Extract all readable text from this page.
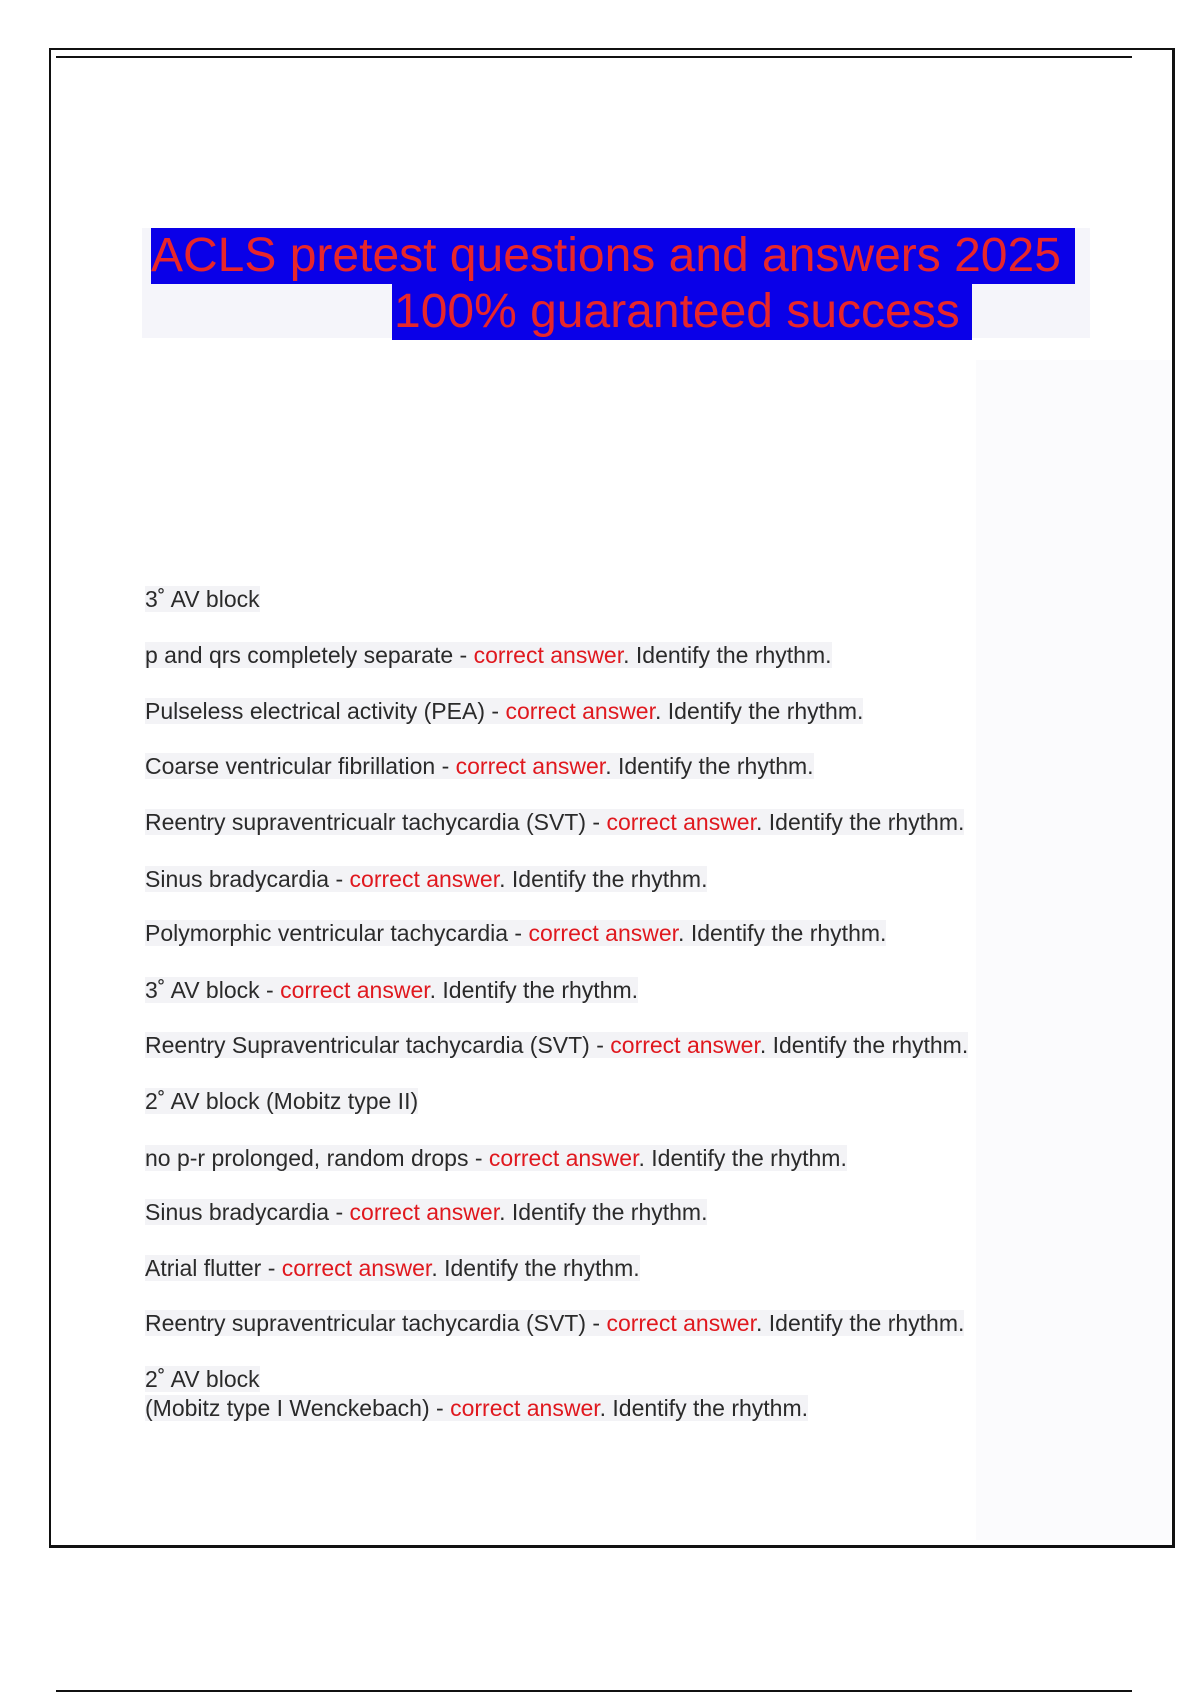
ACLS pretest questions and answers 2025
100% guaranteed success
3˚ AV block
p and qrs completely separate - correct answer. Identify the rhythm.
Pulseless electrical activity (PEA) - correct answer. Identify the rhythm.
Coarse ventricular fibrillation - correct answer. Identify the rhythm.
Reentry supraventricualr tachycardia (SVT) - correct answer. Identify the rhythm.
Sinus bradycardia - correct answer. Identify the rhythm.
Polymorphic ventricular tachycardia - correct answer. Identify the rhythm.
3˚ AV block - correct answer. Identify the rhythm.
Reentry Supraventricular tachycardia (SVT) - correct answer. Identify the rhythm.
2˚ AV block (Mobitz type II)
no p-r prolonged, random drops - correct answer. Identify the rhythm.
Sinus bradycardia - correct answer. Identify the rhythm.
Atrial flutter - correct answer. Identify the rhythm.
Reentry supraventricular tachycardia (SVT) - correct answer. Identify the rhythm.
2˚ AV block
(Mobitz type I Wenckebach) - correct answer. Identify the rhythm.
